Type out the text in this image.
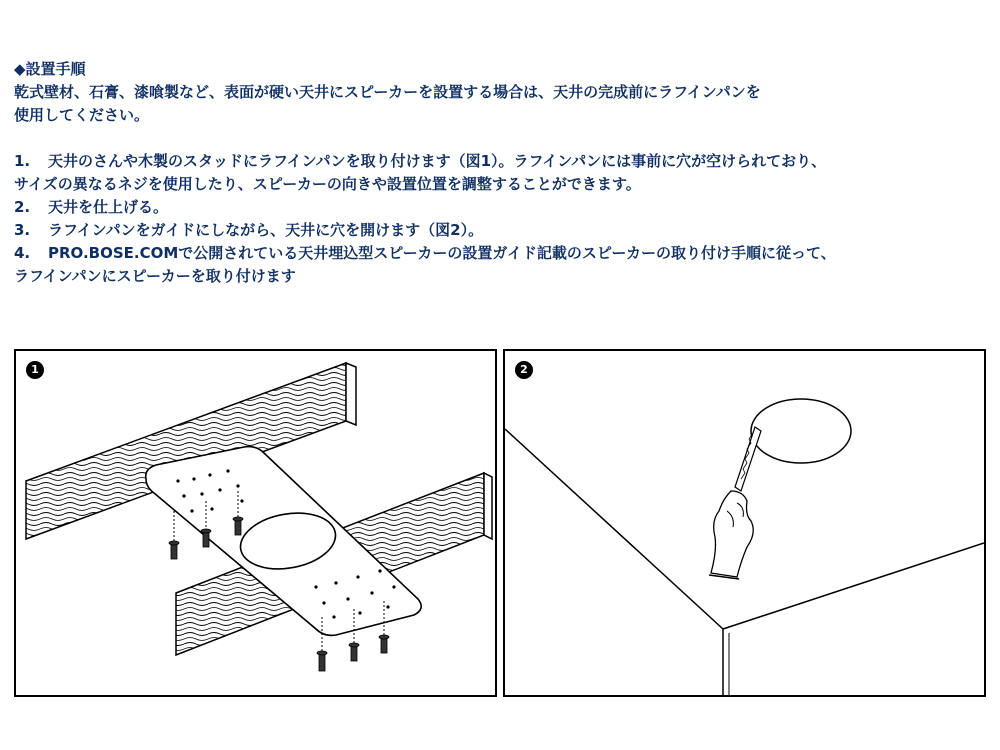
◆設置手順
乾式壁材、石膏、漆喰製など、表面が硬い天井にスピーカーを設置する場合は、天井の完成前にラフインパンを
使用してください。
1. 天井のさんや木製のスタッドにラフインパンを取り付けます（図1）。ラフインパンには事前に穴が空けられており、
サイズの異なるネジを使用したり、スピーカーの向きや設置位置を調整することができます。
2. 天井を仕上げる。
3. ラフインパンをガイドにしながら、天井に穴を開けます（図2）。
4. PRO.BOSE.COMで公開されている天井埋込型スピーカーの設置ガイド記載のスピーカーの取り付け手順に従って、
ラフインパンにスピーカーを取り付けます
1	2
